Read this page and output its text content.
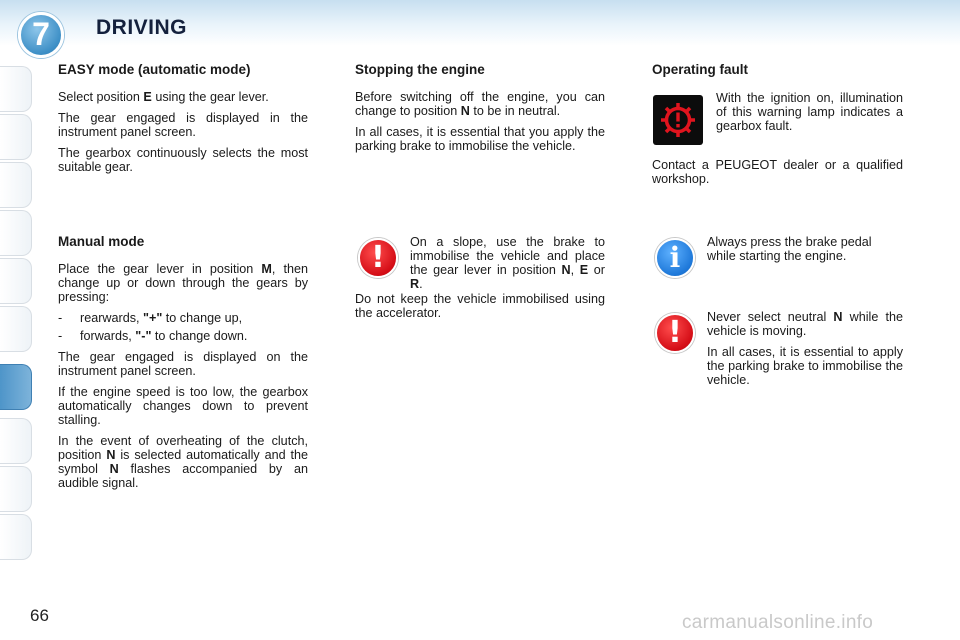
7	DRIVING
EASY mode (automatic mode)

Select position E using the gear lever.

The gear engaged is displayed in the instrument panel screen.

The gearbox continuously selects the most suitable gear.

Manual mode

Place the gear lever in position M, then change up or down through the gears by pressing:

-	rearwards, "+" to change up,
-	forwards, "-" to change down.

The gear engaged is displayed on the instrument panel screen.

If the engine speed is too low, the gearbox automatically changes down to prevent stalling.

In the event of overheating of the clutch, position N is selected automatically and the symbol N flashes accompanied by an audible signal.

Stopping the engine

Before switching off the engine, you can change to position N to be in neutral.

In all cases, it is essential that you apply the parking brake to immobilise the vehicle.

!	On a slope, use the brake to immobilise the vehicle and place the gear lever in position N, E or R.

Do not keep the vehicle immobilised using the accelerator.

Operating fault

With the ignition on, illumination of this warning lamp indicates a gearbox fault.

Contact a PEUGEOT dealer or a qualified workshop.

i	Always press the brake pedal while starting the engine.

!	Never select neutral N while the vehicle is moving.

In all cases, it is essential to apply the parking brake to immobilise the vehicle.

66	carmanualsonline.info
